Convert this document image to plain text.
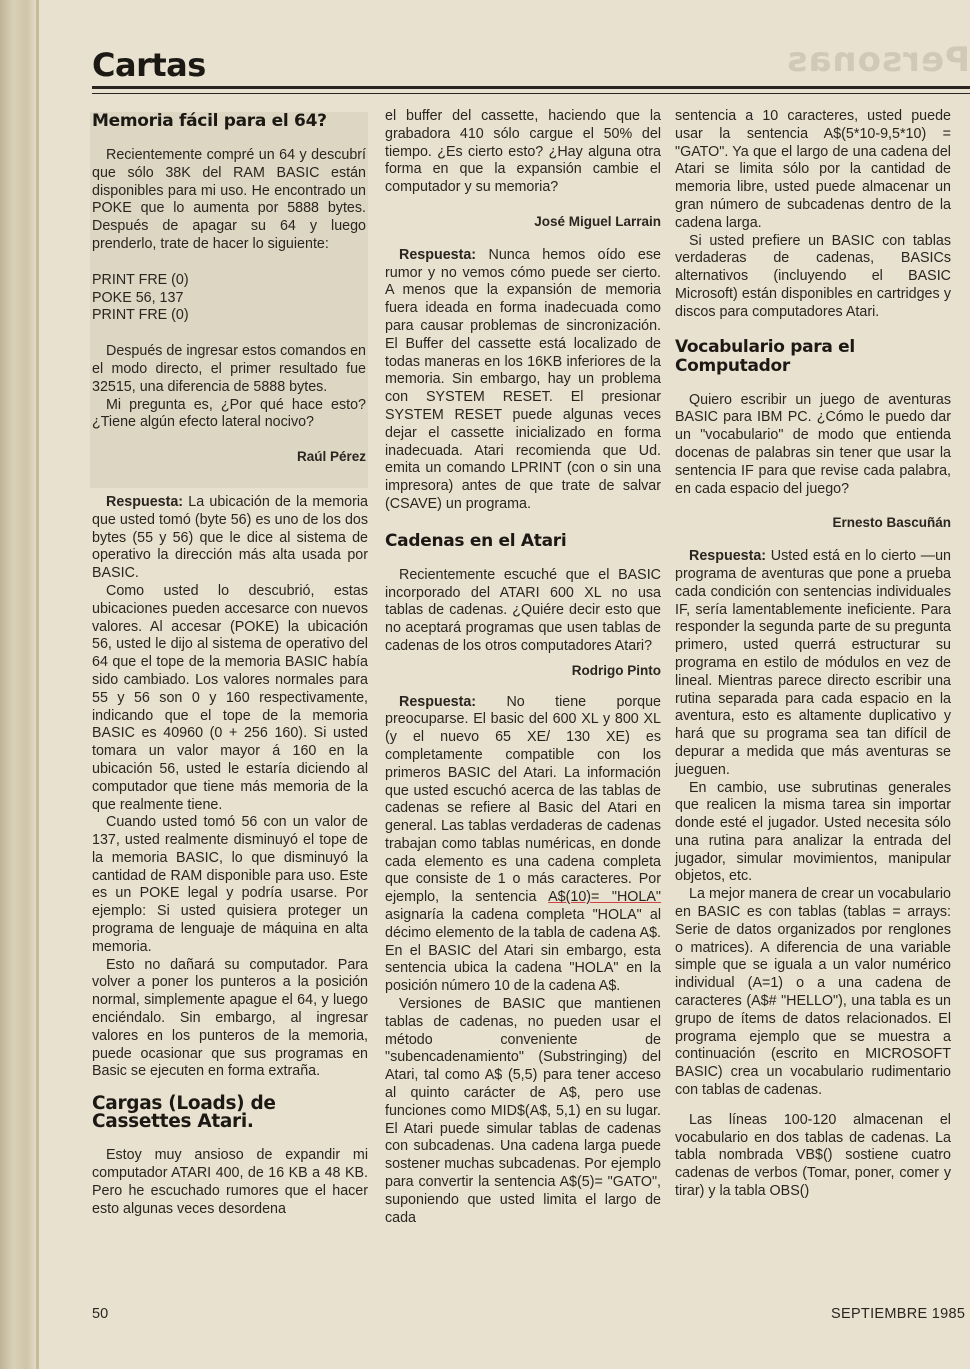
Personas
Cartas
Memoria fácil para el 64?

Recientemente compré un 64 y descubrí que sólo 38K del RAM BASIC están disponibles para mi uso. He encontrado un POKE que lo aumenta por 5888 bytes. Después de apagar su 64 y luego prenderlo, trate de hacer lo siguiente:

PRINT FRE (0)
POKE 56, 137
PRINT FRE (0)

Después de ingresar estos comandos en el modo directo, el primer resultado fue 32515, una diferencia de 5888 bytes.

Mi pregunta es, ¿Por qué hace esto? ¿Tiene algún efecto lateral nocivo?

Raúl Pérez

Respuesta: La ubicación de la memoria que usted tomó (byte 56) es uno de los dos bytes (55 y 56) que le dice al sistema de operativo la dirección más alta usada por BASIC.

Como usted lo descubrió, estas ubicaciones pueden accesarce con nuevos valores. Al accesar (POKE) la ubicación 56, usted le dijo al sistema de operativo del 64 que el tope de la memoria BASIC había sido cambiado. Los valores normales para 55 y 56 son 0 y 160 respectivamente, indicando que el tope de la memoria BASIC es 40960 (0 + 256 160). Si usted tomara un valor mayor á 160 en la ubicación 56, usted le estaría diciendo al computador que tiene más memoria de la que realmente tiene.

Cuando usted tomó 56 con un valor de 137, usted realmente disminuyó el tope de la memoria BASIC, lo que disminuyó la cantidad de RAM disponible para uso. Este es un POKE legal y podría usarse. Por ejemplo: Si usted quisiera proteger un programa de lenguaje de máquina en alta memoria.

Esto no dañará su computador. Para volver a poner los punteros a la posición normal, simplemente apague el 64, y luego enciéndalo. Sin embargo, al ingresar valores en los punteros de la memoria, puede ocasionar que sus programas en Basic se ejecuten en forma extraña.

Cargas (Loads) de Cassettes Atari.

Estoy muy ansioso de expandir mi computador ATARI 400, de 16 KB a 48 KB. Pero he escuchado rumores que el hacer esto algunas veces desordena

el buffer del cassette, haciendo que la grabadora 410 sólo cargue el 50% del tiempo. ¿Es cierto esto? ¿Hay alguna otra forma en que la expansión cambie el computador y su memoria?

José Miguel Larrain

Respuesta: Nunca hemos oído ese rumor y no vemos cómo puede ser cierto. A menos que la expansión de memoria fuera ideada en forma inadecuada como para causar problemas de sincronización. El Buffer del cassette está localizado de todas maneras en los 16KB inferiores de la memoria. Sin embargo, hay un problema con SYSTEM RESET. El presionar SYSTEM RESET puede algunas veces dejar el cassette inicializado en forma inadecuada. Atari recomienda que Ud. emita un comando LPRINT (con o sin una impresora) antes de que trate de salvar (CSAVE) un programa.

Cadenas en el Atari

Recientemente escuché que el BASIC incorporado del ATARI 600 XL no usa tablas de cadenas. ¿Quiére decir esto que no aceptará programas que usen tablas de cadenas de los otros computadores Atari?

Rodrigo Pinto

Respuesta: No tiene porque preocuparse. El basic del 600 XL y 800 XL (y el nuevo 65 XE/ 130 XE) es completamente compatible con los primeros BASIC del Atari. La información que usted escuchó acerca de las tablas de cadenas se refiere al Basic del Atari en general. Las tablas verdaderas de cadenas trabajan como tablas numéricas, en donde cada elemento es una cadena completa que consiste de 1 o más caracteres. Por ejemplo, la sentencia A$(10)= "HOLA" asignaría la cadena completa "HOLA" al décimo elemento de la tabla de cadena A$. En el BASIC del Atari sin embargo, esta sentencia ubica la cadena "HOLA" en la posición número 10 de la cadena A$.

Versiones de BASIC que mantienen tablas de cadenas, no pueden usar el método conveniente de "subencadenamiento" (Substringing) del Atari, tal como A$ (5,5) para tener acceso al quinto carácter de A$, pero use funciones como MID$(A$, 5,1) en su lugar. El Atari puede simular tablas de cadenas con subcadenas. Una cadena larga puede sostener muchas subcadenas. Por ejemplo para convertir la sentencia A$(5)= "GATO", suponiendo que usted limita el largo de cada

sentencia a 10 caracteres, usted puede usar la sentencia A$(5*10-9,5*10) = "GATO". Ya que el largo de una cadena del Atari se limita sólo por la cantidad de memoria libre, usted puede almacenar un gran número de subcadenas dentro de la cadena larga.

Si usted prefiere un BASIC con tablas verdaderas de cadenas, BASICs alternativos (incluyendo el BASIC Microsoft) están disponibles en cartridges y discos para computadores Atari.

Vocabulario para el Computador

Quiero escribir un juego de aventuras BASIC para IBM PC. ¿Cómo le puedo dar un "vocabulario" de modo que entienda docenas de palabras sin tener que usar la sentencia IF para que revise cada palabra, en cada espacio del juego?

Ernesto Bascuñán

Respuesta: Usted está en lo cierto —un programa de aventuras que pone a prueba cada condición con sentencias individuales IF, sería lamentablemente ineficiente. Para responder la segunda parte de su pregunta primero, usted querrá estructurar su programa en estilo de módulos en vez de lineal. Mientras parece directo escribir una rutina separada para cada espacio en la aventura, esto es altamente duplicativo y hará que su programa sea tan difícil de depurar a medida que más aventuras se jueguen.

En cambio, use subrutinas generales que realicen la misma tarea sin importar donde esté el jugador. Usted necesita sólo una rutina para analizar la entrada del jugador, simular movimientos, manipular objetos, etc.

La mejor manera de crear un vocabulario en BASIC es con tablas (tablas = arrays: Serie de datos organizados por renglones o matrices). A diferencia de una variable simple que se iguala a un valor numérico individual (A=1) o a una cadena de caracteres (A$# "HELLO"), una tabla es un grupo de ítems de datos relacionados. El programa ejemplo que se muestra a continuación (escrito en MICROSOFT BASIC) crea un vocabulario rudimentario con tablas de cadenas.

Las líneas 100-120 almacenan el vocabulario en dos tablas de cadenas. La tabla nombrada VB$() sostiene cuatro cadenas de verbos (Tomar, poner, comer y tirar) y la tabla OBS()

50	SEPTIEMBRE 1985
